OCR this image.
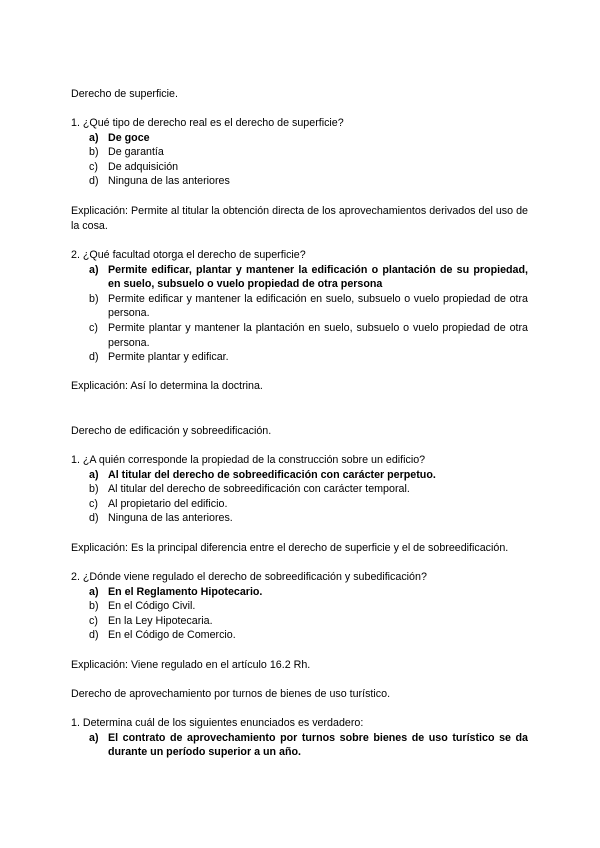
Derecho de superficie.
1. ¿Qué tipo de derecho real es el derecho de superficie?
a) De goce
b) De garantía
c) De adquisición
d) Ninguna de las anteriores
Explicación: Permite al titular la obtención directa de los aprovechamientos derivados del uso de la cosa.
2. ¿Qué facultad otorga el derecho de superficie?
a) Permite edificar, plantar y mantener la edificación o plantación de su propiedad, en suelo, subsuelo o vuelo propiedad de otra persona
b) Permite edificar y mantener la edificación en suelo, subsuelo o vuelo propiedad de otra persona.
c) Permite plantar y mantener la plantación en suelo, subsuelo o vuelo propiedad de otra persona.
d) Permite plantar y edificar.
Explicación: Así lo determina la doctrina.
Derecho de edificación y sobreedificación.
1. ¿A quién corresponde la propiedad de la construcción sobre un edificio?
a) Al titular del derecho de sobreedificación con carácter perpetuo.
b) Al titular del derecho de sobreedificación con carácter temporal.
c) Al propietario del edificio.
d) Ninguna de las anteriores.
Explicación: Es la principal diferencia entre el derecho de superficie y el de sobreedificación.
2. ¿Dónde viene regulado el derecho de sobreedificación y subedificación?
a) En el Reglamento Hipotecario.
b) En el Código Civil.
c) En la Ley Hipotecaria.
d) En el Código de Comercio.
Explicación: Viene regulado en el artículo 16.2 Rh.
Derecho de aprovechamiento por turnos de bienes de uso turístico.
1. Determina cuál de los siguientes enunciados es verdadero:
a) El contrato de aprovechamiento por turnos sobre bienes de uso turístico se da durante un período superior a un año.
